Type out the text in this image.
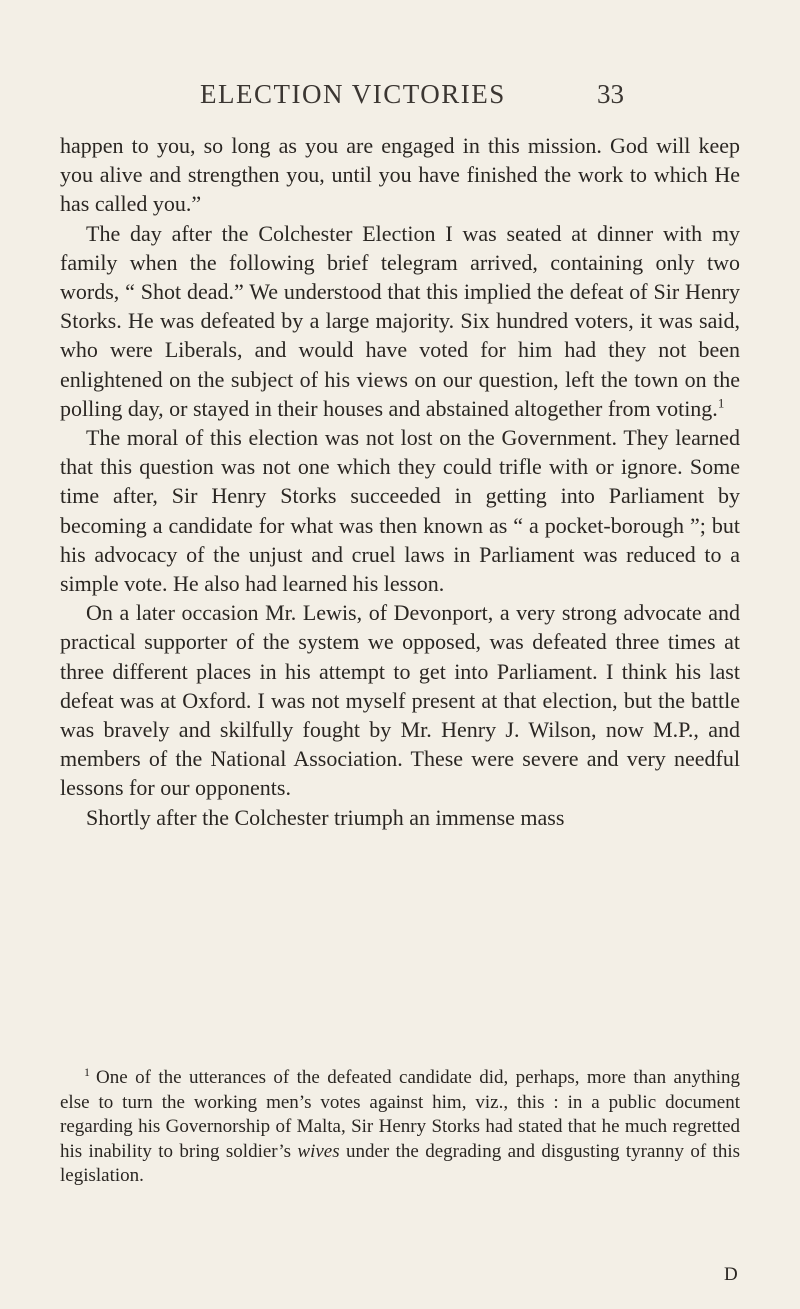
ELECTION VICTORIES	33

happen to you, so long as you are engaged in this mission. God will keep you alive and strengthen you, until you have finished the work to which He has called you.”

The day after the Colchester Election I was seated at dinner with my family when the following brief telegram arrived, containing only two words, “ Shot dead.” We understood that this implied the defeat of Sir Henry Storks. He was defeated by a large majority. Six hundred voters, it was said, who were Liberals, and would have voted for him had they not been enlightened on the subject of his views on our question, left the town on the polling day, or stayed in their houses and abstained altogether from voting.$^1$

The moral of this election was not lost on the Government. They learned that this question was not one which they could trifle with or ignore. Some time after, Sir Henry Storks succeeded in getting into Parliament by becoming a candidate for what was then known as “ a pocket-borough ”; but his advocacy of the unjust and cruel laws in Parliament was reduced to a simple vote. He also had learned his lesson.

On a later occasion Mr. Lewis, of Devonport, a very strong advocate and practical supporter of the system we opposed, was defeated three times at three different places in his attempt to get into Parliament. I think his last defeat was at Oxford. I was not myself present at that election, but the battle was bravely and skilfully fought by Mr. Henry J. Wilson, now M.P., and members of the National Association. These were severe and very needful lessons for our opponents.

Shortly after the Colchester triumph an immense mass

$^1$ One of the utterances of the defeated candidate did, perhaps, more than anything else to turn the working men’s votes against him, viz., this : in a public document regarding his Governorship of Malta, Sir Henry Storks had stated that he much regretted his inability to bring soldier’s wives under the degrading and disgusting tyranny of this legislation.

D
